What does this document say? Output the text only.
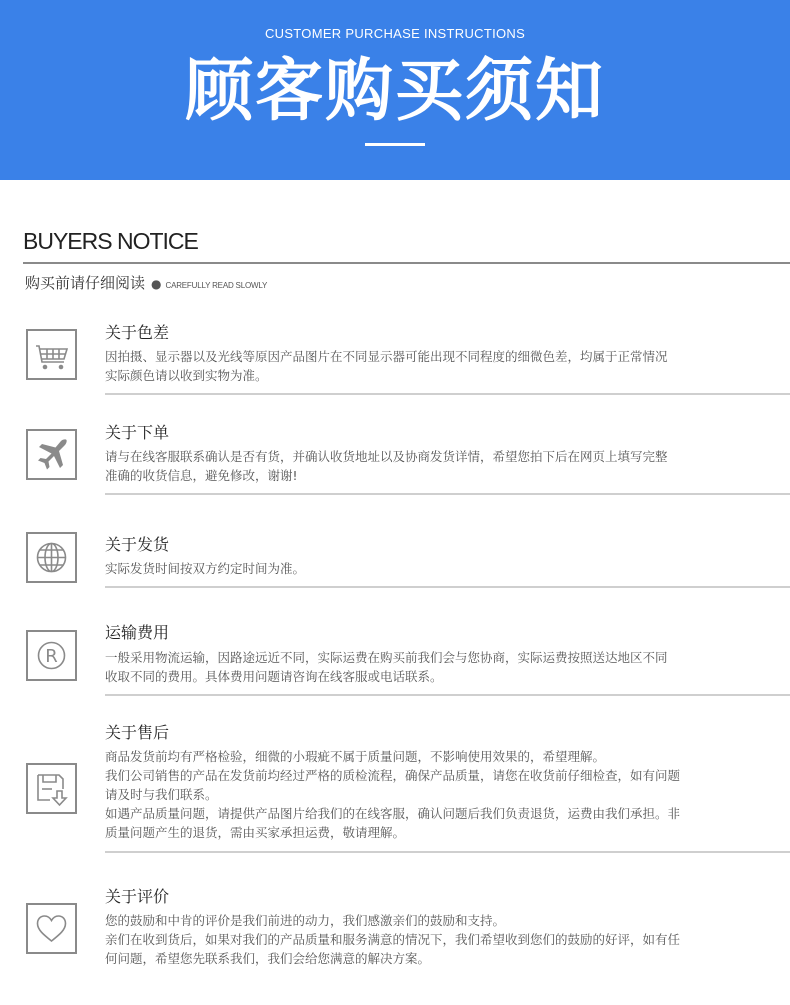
CUSTOMER PURCHASE INSTRUCTIONS
顾客购买须知
BUYERS NOTICE
购买前请仔细阅读 ● CAREFULLY READ SLOWLY
关于色差
因拍摄、显示器以及光线等原因产品图片在不同显示器可能出现不同程度的细微色差，均属于正常情况
实际颜色请以收到实物为准。
关于下单
请与在线客服联系确认是否有货，并确认收货地址以及协商发货详情，希望您拍下后在网页上填写完整
准确的收货信息，避免修改，谢谢!
关于发货
实际发货时间按双方约定时间为准。
R
运输费用
一般采用物流运输，因路途远近不同，实际运费在购买前我们会与您协商，实际运费按照送达地区不同
收取不同的费用。具体费用问题请咨询在线客服或电话联系。
关于售后
商品发货前均有严格检验，细微的小瑕疵不属于质量问题，不影响使用效果的，希望理解。
我们公司销售的产品在发货前均经过严格的质检流程，确保产品质量，请您在收货前仔细检查，如有问题
请及时与我们联系。
如遇产品质量问题，请提供产品图片给我们的在线客服，确认问题后我们负责退货，运费由我们承担。非
质量问题产生的退货，需由买家承担运费，敬请理解。
关于评价
您的鼓励和中肯的评价是我们前进的动力，我们感激亲们的鼓励和支持。
亲们在收到货后，如果对我们的产品质量和服务满意的情况下，我们希望收到您们的鼓励的好评，如有任
何问题，希望您先联系我们，我们会给您满意的解决方案。
